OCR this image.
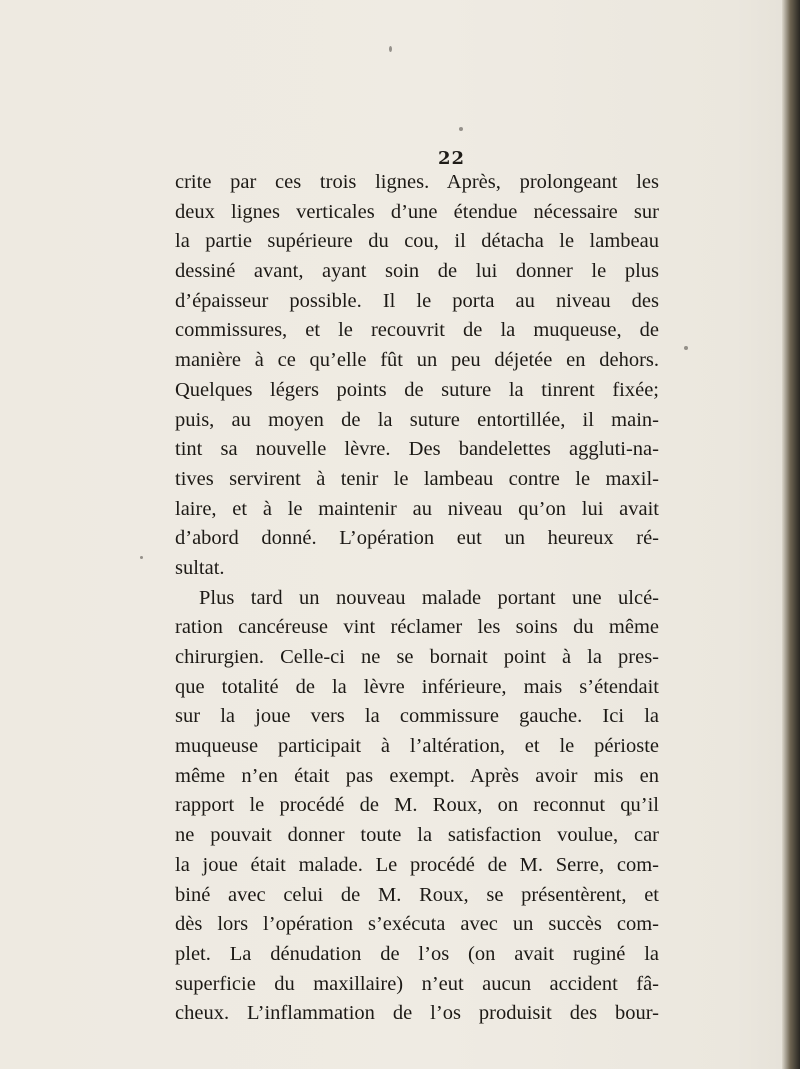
22
crite par ces trois lignes. Après, prolongeant les
deux lignes verticales d’une étendue nécessaire sur
la partie supérieure du cou, il détacha le lambeau
dessiné avant, ayant soin de lui donner le plus
d’épaisseur possible. Il le porta au niveau des
commissures, et le recouvrit de la muqueuse, de
manière à ce qu’elle fût un peu déjetée en dehors.
Quelques légers points de suture la tinrent fixée;
puis, au moyen de la suture entortillée, il main-
tint sa nouvelle lèvre. Des bandelettes aggluti-na-
tives servirent à tenir le lambeau contre le maxil-
laire, et à le maintenir au niveau qu’on lui avait
d’abord donné. L’opération eut un heureux ré-
sultat.
Plus tard un nouveau malade portant une ulcé-
ration cancéreuse vint réclamer les soins du même
chirurgien. Celle-ci ne se bornait point à la pres-
que totalité de la lèvre inférieure, mais s’étendait
sur la joue vers la commissure gauche. Ici la
muqueuse participait à l’altération, et le périoste
même n’en était pas exempt. Après avoir mis en
rapport le procédé de M. Roux, on reconnut qu’il
ne pouvait donner toute la satisfaction voulue, car
la joue était malade. Le procédé de M. Serre, com-
biné avec celui de M. Roux, se présentèrent, et
dès lors l’opération s’exécuta avec un succès com-
plet. La dénudation de l’os (on avait ruginé la
superficie du maxillaire) n’eut aucun accident fâ-
cheux. L’inflammation de l’os produisit des bour-
